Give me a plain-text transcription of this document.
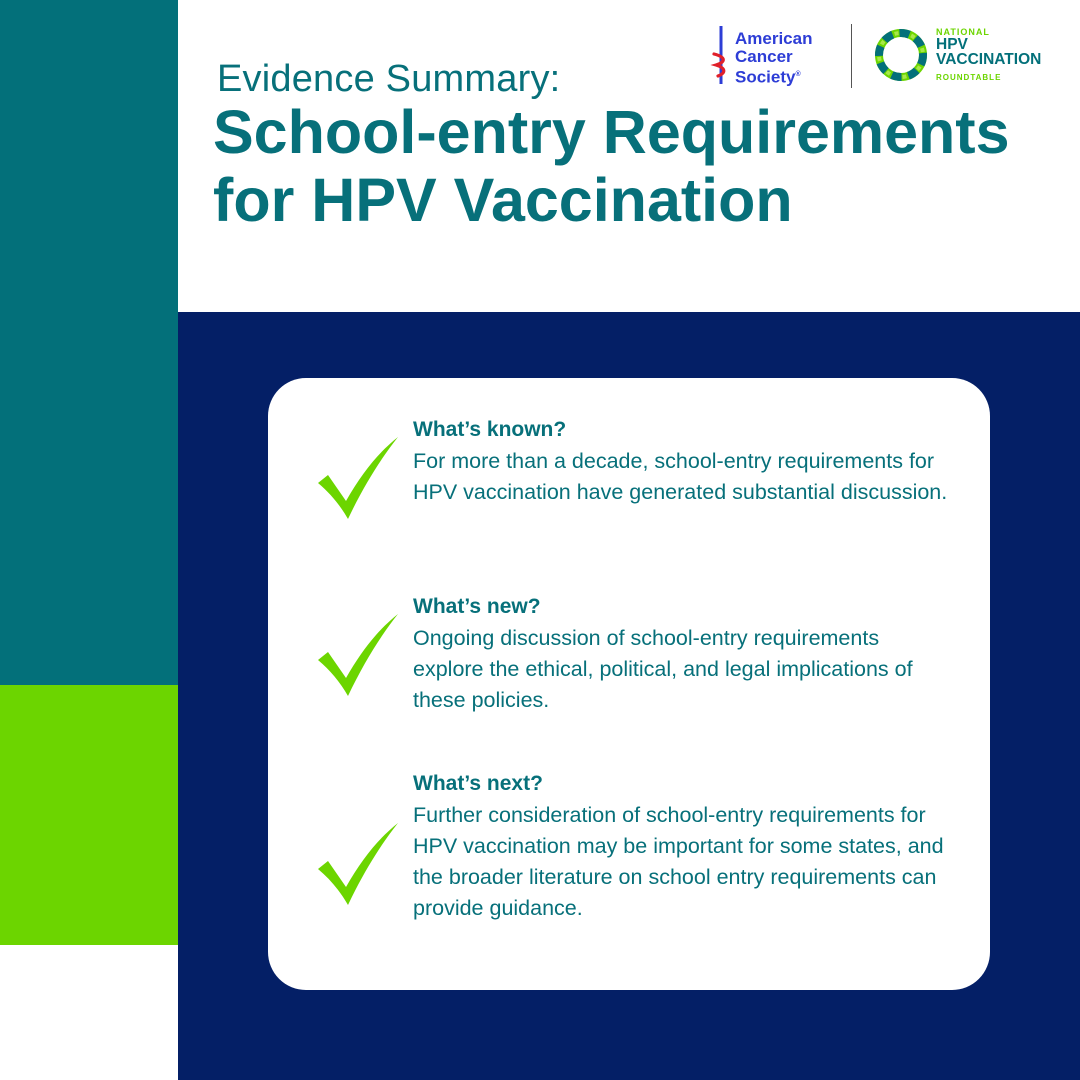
Evidence Summary:
School-entry Requirements for HPV Vaccination
American
Cancer
Society®
NATIONAL
HPV
VACCINATION
ROUNDTABLE
What’s known?

For more than a decade, school-entry requirements for HPV vaccination have generated substantial discussion.

What’s new?

Ongoing discussion of school-entry requirements explore the ethical, political, and legal implications of these policies.

What’s next?

Further consideration of school-entry requirements for HPV vaccination may be important for some states, and the broader literature on school entry requirements can provide guidance.
